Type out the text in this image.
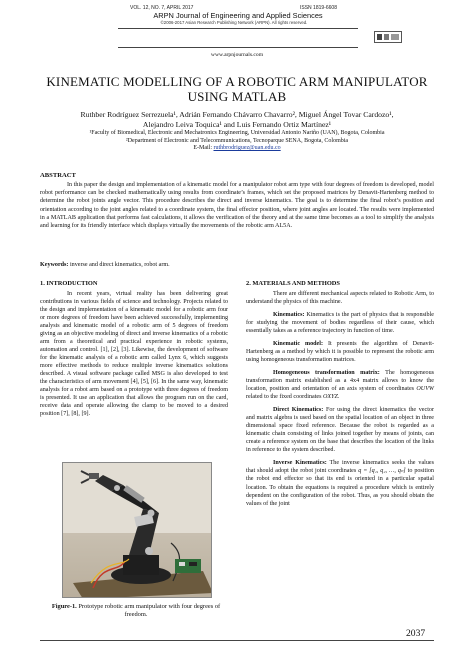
VOL. 12, NO. 7, APRIL 2017	ISSN 1819-6608
ARPN Journal of Engineering and Applied Sciences
©2006-2017 Asian Research Publishing Network (ARPN). All rights reserved.
www.arpnjournals.com
KINEMATIC MODELLING OF A ROBOTIC ARM MANIPULATOR
USING MATLAB
Ruthber Rodríguez Serrezuela¹, Adrián Fernando Chávarro Chavarro², Miguel Ángel Tovar Cardozo¹,
Alejandro Leiva Toquica¹ and Luis Fernando Ortiz Martínez¹
¹Faculty of Biomedical, Electronic and Mechatronics Engineering, Universidad Antonio Nariño (UAN), Bogota, Colombia
²Department of Electronic and Telecommunications, Tecnoparque SENA, Bogota, Colombia
E-Mail: ruthbrodriguez@uan.edu.co
ABSTRACT
In this paper the design and implementation of a kinematic model for a manipulator robot arm type with four degrees of freedom is developed, model robot performance can be checked mathematically using results from coordinate’s frames, which set the proposed matrices by Denavit-Hartenberg method to determine the robot joints angle vector. This procedure describes the direct and inverse kinematics. The goal is to determine the final robot’s position and orientation according to the joint angles related to a coordinate system, the final effector position, where joint angles are located. The results were implemented in a MATLAB application that performs fast calculations, it allows the verification of the theory and at the same time becomes as a tool to simplify the analysis and learning for its friendly interface which displays virtually the movements of the robotic arm AL5A.
Keywords: inverse and direct kinematics, robot arm.
1. INTRODUCTION
In recent years, virtual reality has been delivering great contributions in various fields of science and technology. Projects related to the design and implementation of a kinematic model for a robotic arm four or more degrees of freedom have been achieved successfully, implementing analysis and kinematic model of a robotic arm of 5 degrees of freedom giving as an objective modeling of direct and inverse kinematics of a robotic arm from a theoretical and practical experience in robotic systems, automation and control. [1], [2], [3]. Likewise, the development of software for the kinematic analysis of a robotic arm called Lynx 6, which suggests more effective methods to reduce multiple inverse kinematics solutions described. A visual software package called MSG is also developed to test the characteristics of arm movement [4], [5], [6]. In the same way, kinematic analysis for a robot arm based on a prototype with three degrees of freedom is presented. It use an application that allows the program run on the card, receive data and operate allowing the clamp to be moved to a desired position [7], [8], [9].
Figure-1. Prototype robotic arm manipulator with four degrees of freedom.
2. MATERIALS AND METHODS
There are different mechanical aspects related to Robotic Arm, to understand the physics of this machine.
Kinematics: Kinematics is the part of physics that is responsible for studying the movement of bodies regardless of their cause, which essentially takes as a reference trajectory in function of time.
Kinematic model: It presents the algorithm of Denavit-Hartenberg as a method by which it is possible to represent the robotic arm using homogeneous transformation matrices.
Homogeneous transformation matrix: The homogeneous transformation matrix established as a 4x4 matrix allows to know the location, position and orientation of an axis system of coordinates OUVW related to the fixed coordinates OXYZ.
Direct Kinematics: For using the direct kinematics the vector and matrix algebra is used based on the spatial location of an object in three dimensional space fixed reference. Because the robot is regarded as a kinematic chain consisting of links joined together by means of joints, can create a reference system on the base that describes the location of the links in reference to the system described.
Inverse Kinematics: The inverse kinematics seeks the values that should adopt the robot joint coordinates q = [q₁, q₂, …, qₙ] to position the robot end effector so that its end is oriented in a particular spatial location. To obtain the equations is required a procedure which is entirely dependent on the configuration of the robot. Thus, as you should obtain the values of the joint
2037
